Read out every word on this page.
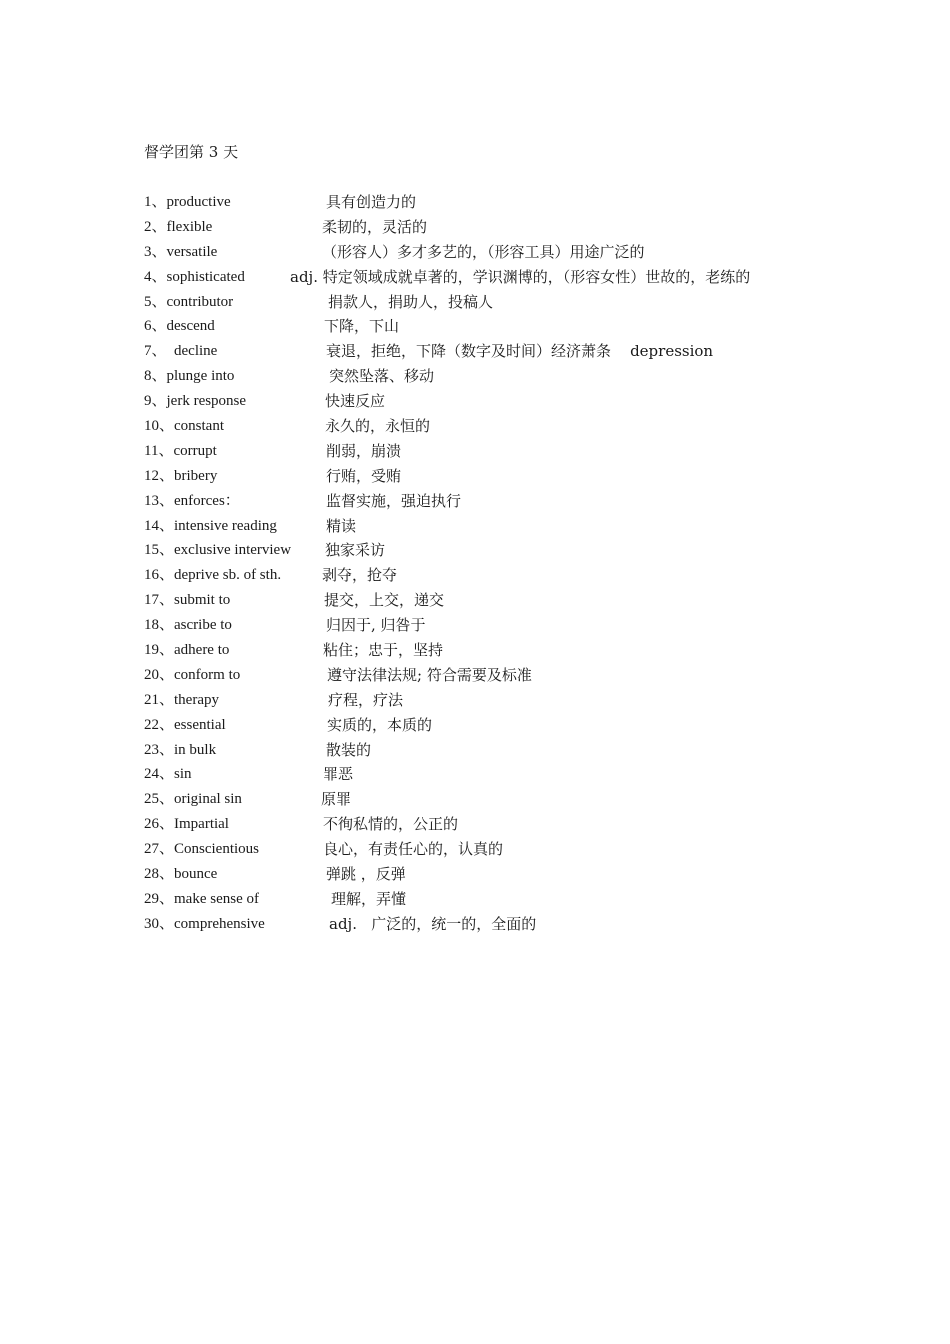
督学团第 3 天
1、productive	具有创造力的
2、flexible	柔韧的，灵活的
3、versatile	（形容人）多才多艺的，（形容工具）用途广泛的
4、sophisticated	adj. 特定领域成就卓著的，学识渊博的，（形容女性）世故的，老练的
5、contributor	捐款人，捐助人，投稿人
6、descend	下降，下山
7、  decline	衰退，拒绝，下降（数字及时间）经济萧条    depression
8、plunge into	突然坠落、移动
9、jerk response	快速反应
10、constant	永久的，永恒的
11、corrupt	削弱，崩溃
12、bribery	行贿，受贿
13、enforces：	监督实施，强迫执行
14、intensive reading	精读
15、exclusive interview 独家采访
16、deprive sb. of sth.	剥夺，抢夺
17、submit to	提交，上交，递交
18、ascribe to	归因于, 归咎于
19、adhere to	粘住；忠于，坚持
20、conform to	遵守法律法规; 符合需要及标准
21、therapy	疗程，疗法
22、essential	实质的，本质的
23、in bulk	散装的
24、sin	罪恶
25、original sin	原罪
26、Impartial	不徇私情的，公正的
27、Conscientious	良心，有责任心的，认真的
28、bounce	弹跳 ，反弹
29、make sense of	理解，弄懂
30、comprehensive	adj.   广泛的，统一的，全面的
